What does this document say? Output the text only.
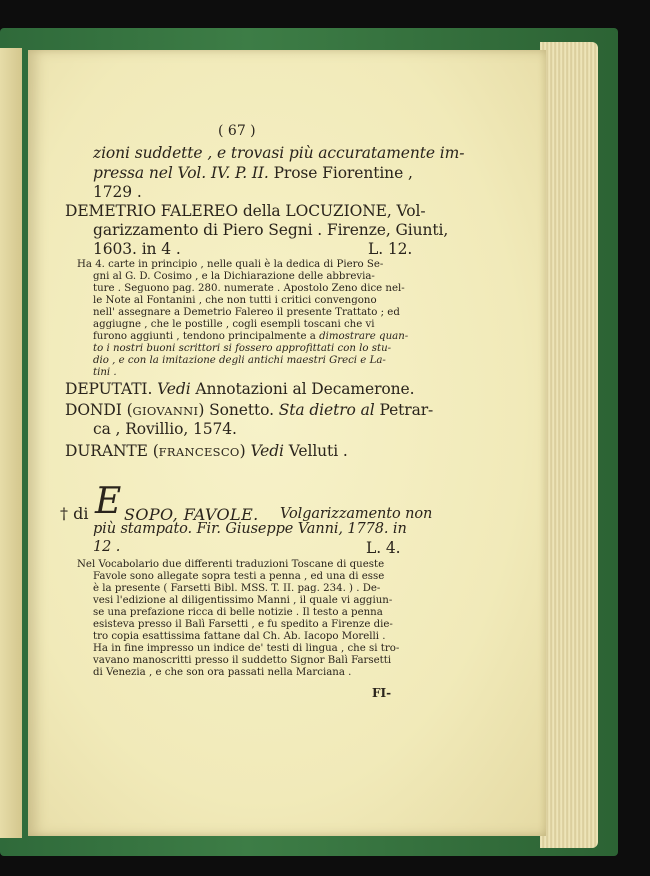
( 67 )
zioni suddette , e trovasi più accuratamente im-
pressa nel Vol. IV. P. II. Prose Fiorentine ,
1729 .
DEMETRIO FALEREO della LOCUZIONE, Vol-
garizzamento di Piero Segni . Firenze, Giunti,
1603. in 4 .	L. 12.
Ha 4. carte in principio , nelle quali è la dedica di Piero Se-
gni al G. D. Cosimo , e la Dichiarazione delle abbrevia-
ture . Seguono pag. 280. numerate . Apostolo Zeno dice nel-
le Note al Fontanini , che non tutti i critici convengono
nell' assegnare a Demetrio Falereo il presente Trattato ; ed
aggiugne , che le postille , cogli esempli toscani che vi
furono aggiunti , tendono principalmente a dimostrare quan-
to i nostri buoni scrittori si fossero approfittati con lo stu-
dio , e con la imitazione degli antichi maestri Greci e La-
tini .
DEPUTATI. Vedi Annotazioni al Decamerone.
DONDI (GIOVANNI) Sonetto. Sta dietro al Petrar-
ca , Rovillio, 1574.
DURANTE (FRANCESCO) Vedi Velluti .
† di E SOPO, FAVOLE. Volgarizzamento non
più stampato. Fir. Giuseppe Vanni, 1778. in
12 .	L. 4.
Nel Vocabolario due differenti traduzioni Toscane di queste
Favole sono allegate sopra testi a penna , ed una di esse
è la presente ( Farsetti Bibl. MSS. T. II. pag. 234. ) . De-
vesi l'edizione al diligentissimo Manni , il quale vi aggiun-
se una prefazione ricca di belle notizie . Il testo a penna
esisteva presso il Balì Farsetti , e fu spedito a Firenze die-
tro copia esattissima fattane dal Ch. Ab. Iacopo Morelli .
Ha in fine impresso un indice de' testi di lingua , che si tro-
vavano manoscritti presso il suddetto Signor Balì Farsetti
di Venezia , e che son ora passati nella Marciana .
FI-
